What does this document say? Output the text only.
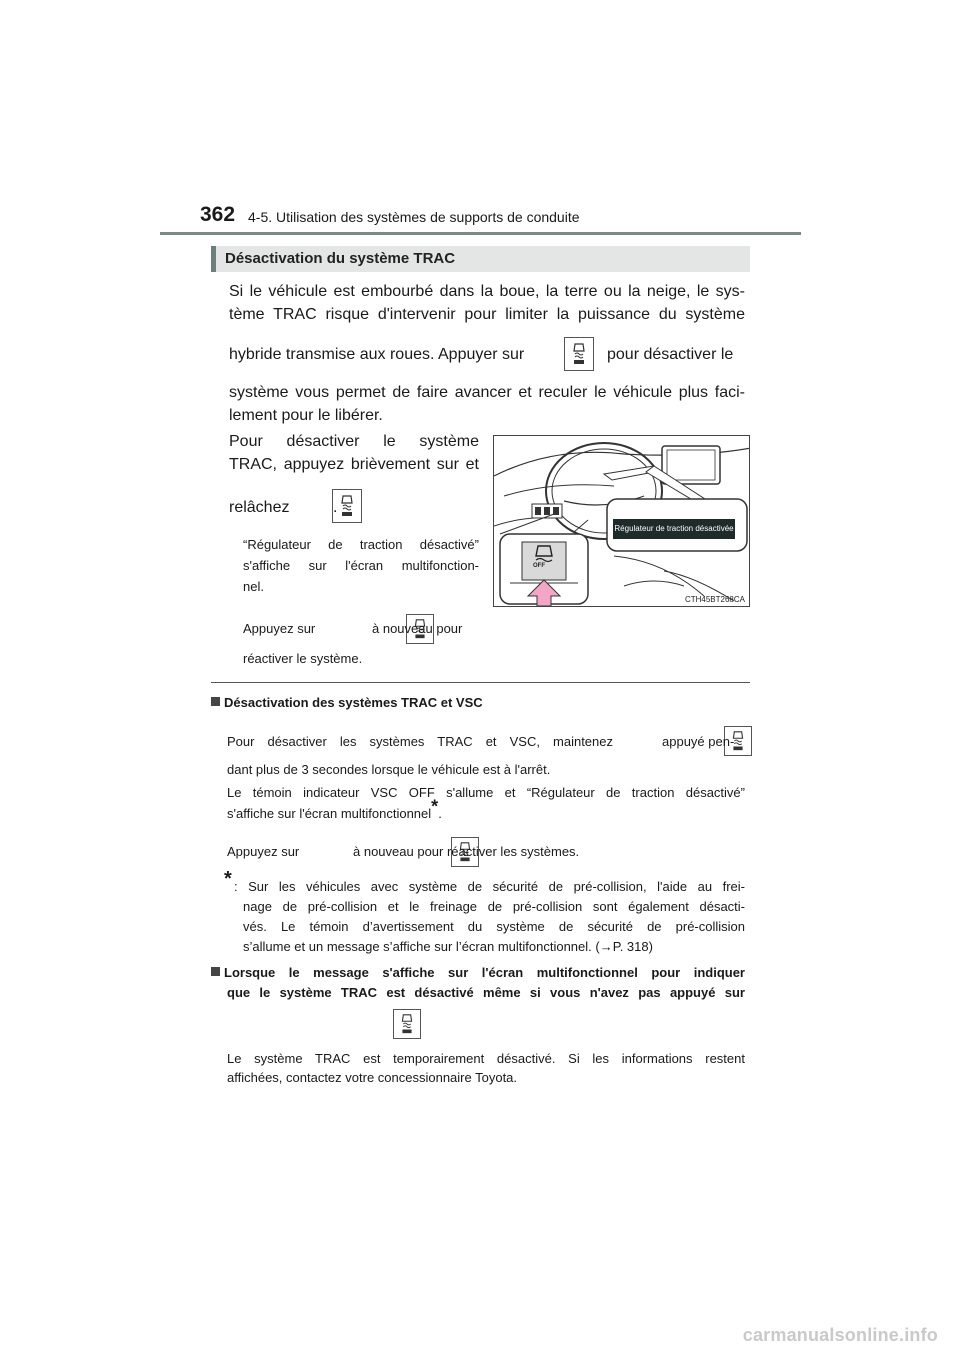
362 4-5. Utilisation des systèmes de supports de conduite
Désactivation du système TRAC
Si le véhicule est embourbé dans la boue, la terre ou la neige, le sys-
tème TRAC risque d'intervenir pour limiter la puissance du système
hybride transmise aux roues. Appuyer sur
	pour désactiver le
système vous permet de faire avancer et reculer le véhicule plus faci-
lement pour le libérer.
Pour désactiver le système
TRAC, appuyez brièvement sur et
relâchez
	.
“Régulateur de traction désactivé”
s'affiche sur l'écran multifonction-
nel.
Appuyez sur
	à nouveau pour
réactiver le système.
Régulateur de traction désactivée
OFF
CTH45BT268CA
Désactivation des systèmes TRAC et VSC
Pour désactiver les systèmes TRAC et VSC, maintenez
	appuyé pen-
dant plus de 3 secondes lorsque le véhicule est à l'arrêt.
Le témoin indicateur VSC OFF s'allume et “Régulateur de traction désactivé”
s'affiche sur l'écran multifonctionnel*.
Appuyez sur
	à nouveau pour réactiver les systèmes.
* : Sur les véhicules avec système de sécurité de pré-collision, l'aide au frei-
nage de pré-collision et le freinage de pré-collision sont également désacti-
vés. Le témoin d’avertissement du système de sécurité de pré-collision
s’allume et un message s’affiche sur l’écran multifonctionnel. (→P. 318)
Lorsque le message s'affiche sur l'écran multifonctionnel pour indiquer
que le système TRAC est désactivé même si vous n'avez pas appuyé sur
Le système TRAC est temporairement désactivé. Si les informations restent
affichées, contactez votre concessionnaire Toyota.
carmanualsonline.info
